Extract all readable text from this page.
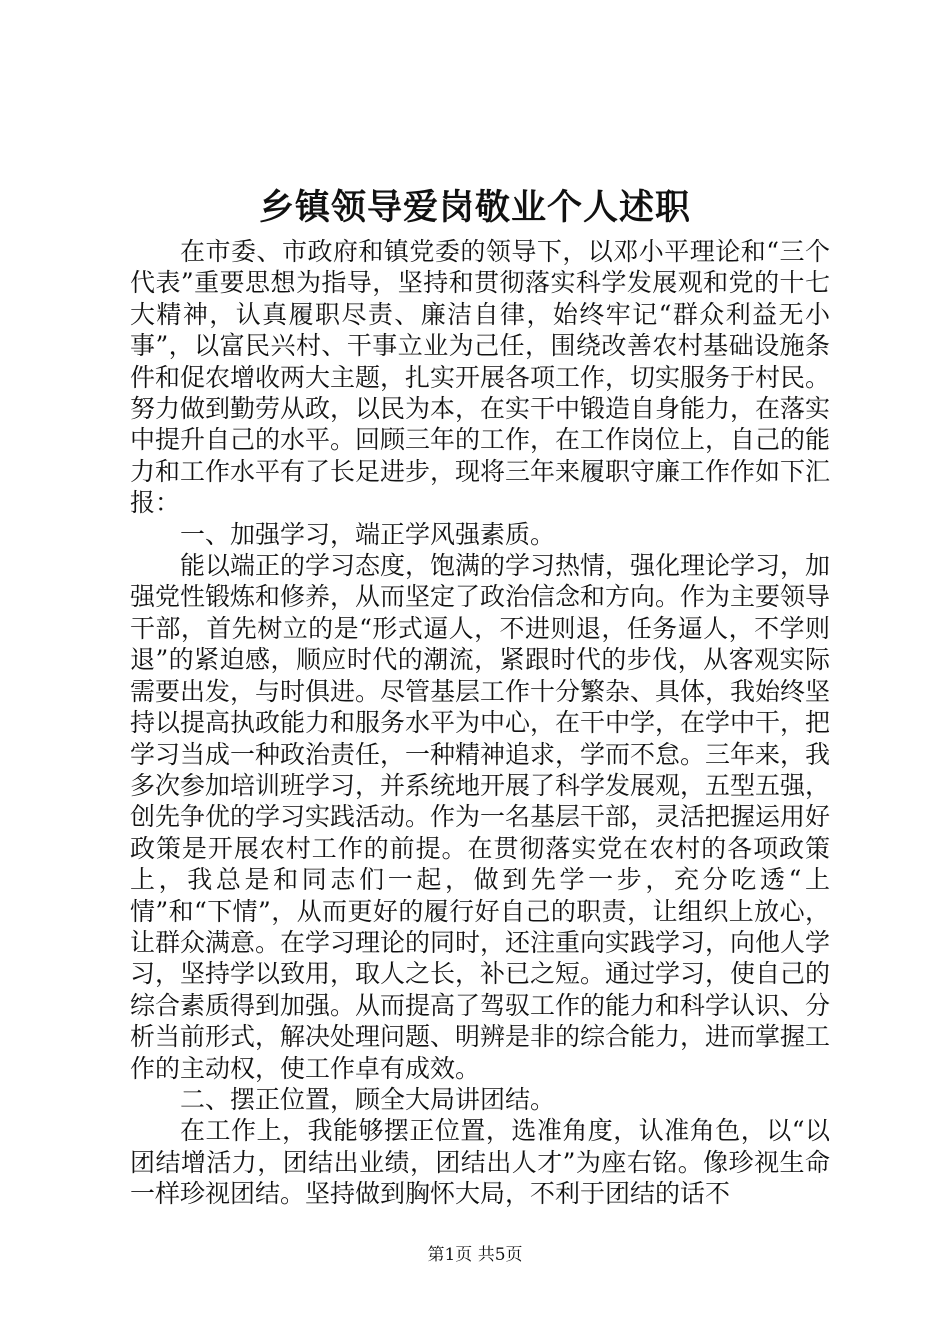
乡镇领导爱岗敬业个人述职

在市委、市政府和镇党委的领导下，以邓小平理论和“三个代表”重要思想为指导，坚持和贯彻落实科学发展观和党的十七大精神，认真履职尽责、廉洁自律，始终牢记“群众利益无小事”，以富民兴村、干事立业为己任，围绕改善农村基础设施条件和促农增收两大主题，扎实开展各项工作，切实服务于村民。努力做到勤劳从政，以民为本，在实干中锻造自身能力，在落实中提升自己的水平。回顾三年的工作，在工作岗位上，自己的能力和工作水平有了长足进步，现将三年来履职守廉工作作如下汇报：

一、加强学习，端正学风强素质。

能以端正的学习态度，饱满的学习热情，强化理论学习，加强党性锻炼和修养，从而坚定了政治信念和方向。作为主要领导干部，首先树立的是“形式逼人，不进则退，任务逼人，不学则退”的紧迫感，顺应时代的潮流，紧跟时代的步伐，从客观实际需要出发，与时俱进。尽管基层工作十分繁杂、具体，我始终坚持以提高执政能力和服务水平为中心，在干中学，在学中干，把学习当成一种政治责任，一种精神追求，学而不怠。三年来，我多次参加培训班学习，并系统地开展了科学发展观，五型五强，创先争优的学习实践活动。作为一名基层干部，灵活把握运用好政策是开展农村工作的前提。在贯彻落实党在农村的各项政策上，我总是和同志们一起，做到先学一步，充分吃透“上情”和“下情”，从而更好的履行好自己的职责，让组织上放心，让群众满意。在学习理论的同时，还注重向实践学习，向他人学习，坚持学以致用，取人之长，补已之短。通过学习，使自己的综合素质得到加强。从而提高了驾驭工作的能力和科学认识、分析当前形式，解决处理问题、明辨是非的综合能力，进而掌握工作的主动权，使工作卓有成效。

二、摆正位置，顾全大局讲团结。

在工作上，我能够摆正位置，选准角度，认准角色，以“以团结增活力，团结出业绩，团结出人才”为座右铭。像珍视生命一样珍视团结。坚持做到胸怀大局，不利于团结的话不

第1页 共5页
